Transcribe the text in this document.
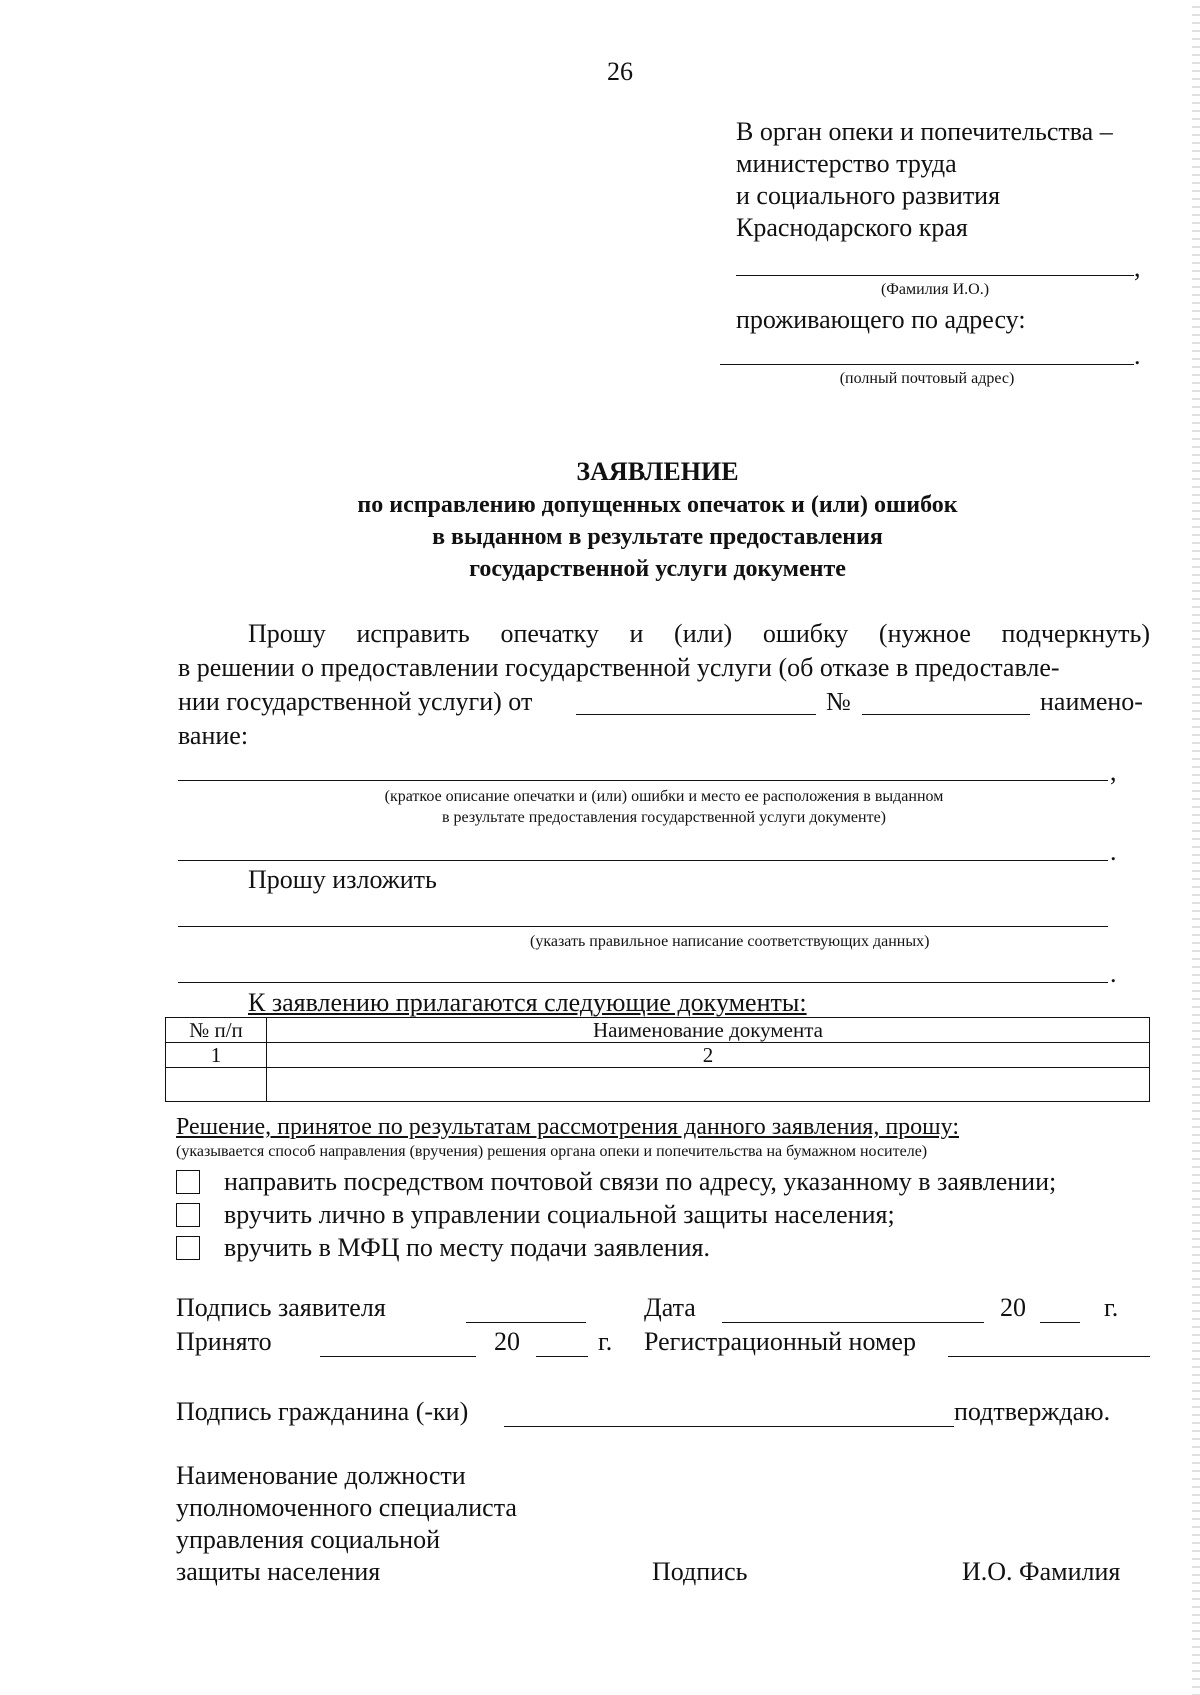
26
В орган опеки и попечительства –
министерство труда
и социального развития
Краснодарского края
,
(Фамилия И.О.)
проживающего по адресу:
.
(полный почтовый адрес)
ЗАЯВЛЕНИЕ
по исправлению допущенных опечаток и (или) ошибок
в выданном в результате предоставления
государственной услуги документе
Прошу исправить опечатку и (или) ошибку (нужное подчеркнуть)
в решении о предоставлении государственной услуги (об отказе в предоставле-
нии государственной услуги) от	№	наимено-
вание:
,
(краткое описание опечатки и (или) ошибки и место ее расположения в выданном
в результате предоставления государственной услуги документе)
.
Прошу изложить
(указать правильное написание соответствующих данных)
.
К заявлению прилагаются следующие документы:
№ п/п	Наименование документа
1	2

Решение, принятое по результатам рассмотрения данного заявления, прошу:
(указывается способ направления (вручения) решения органа опеки и попечительства на бумажном носителе)
направить посредством почтовой связи по адресу, указанному в заявлении;
вручить лично в управлении социальной защиты населения;
вручить в МФЦ по месту подачи заявления.
Подпись заявителя	Дата	20	г.
Принято	20	г. Регистрационный номер
Подпись гражданина (-ки)	подтверждаю.
Наименование должности
уполномоченного специалиста
управления социальной
защиты населения	Подпись	И.О. Фамилия
